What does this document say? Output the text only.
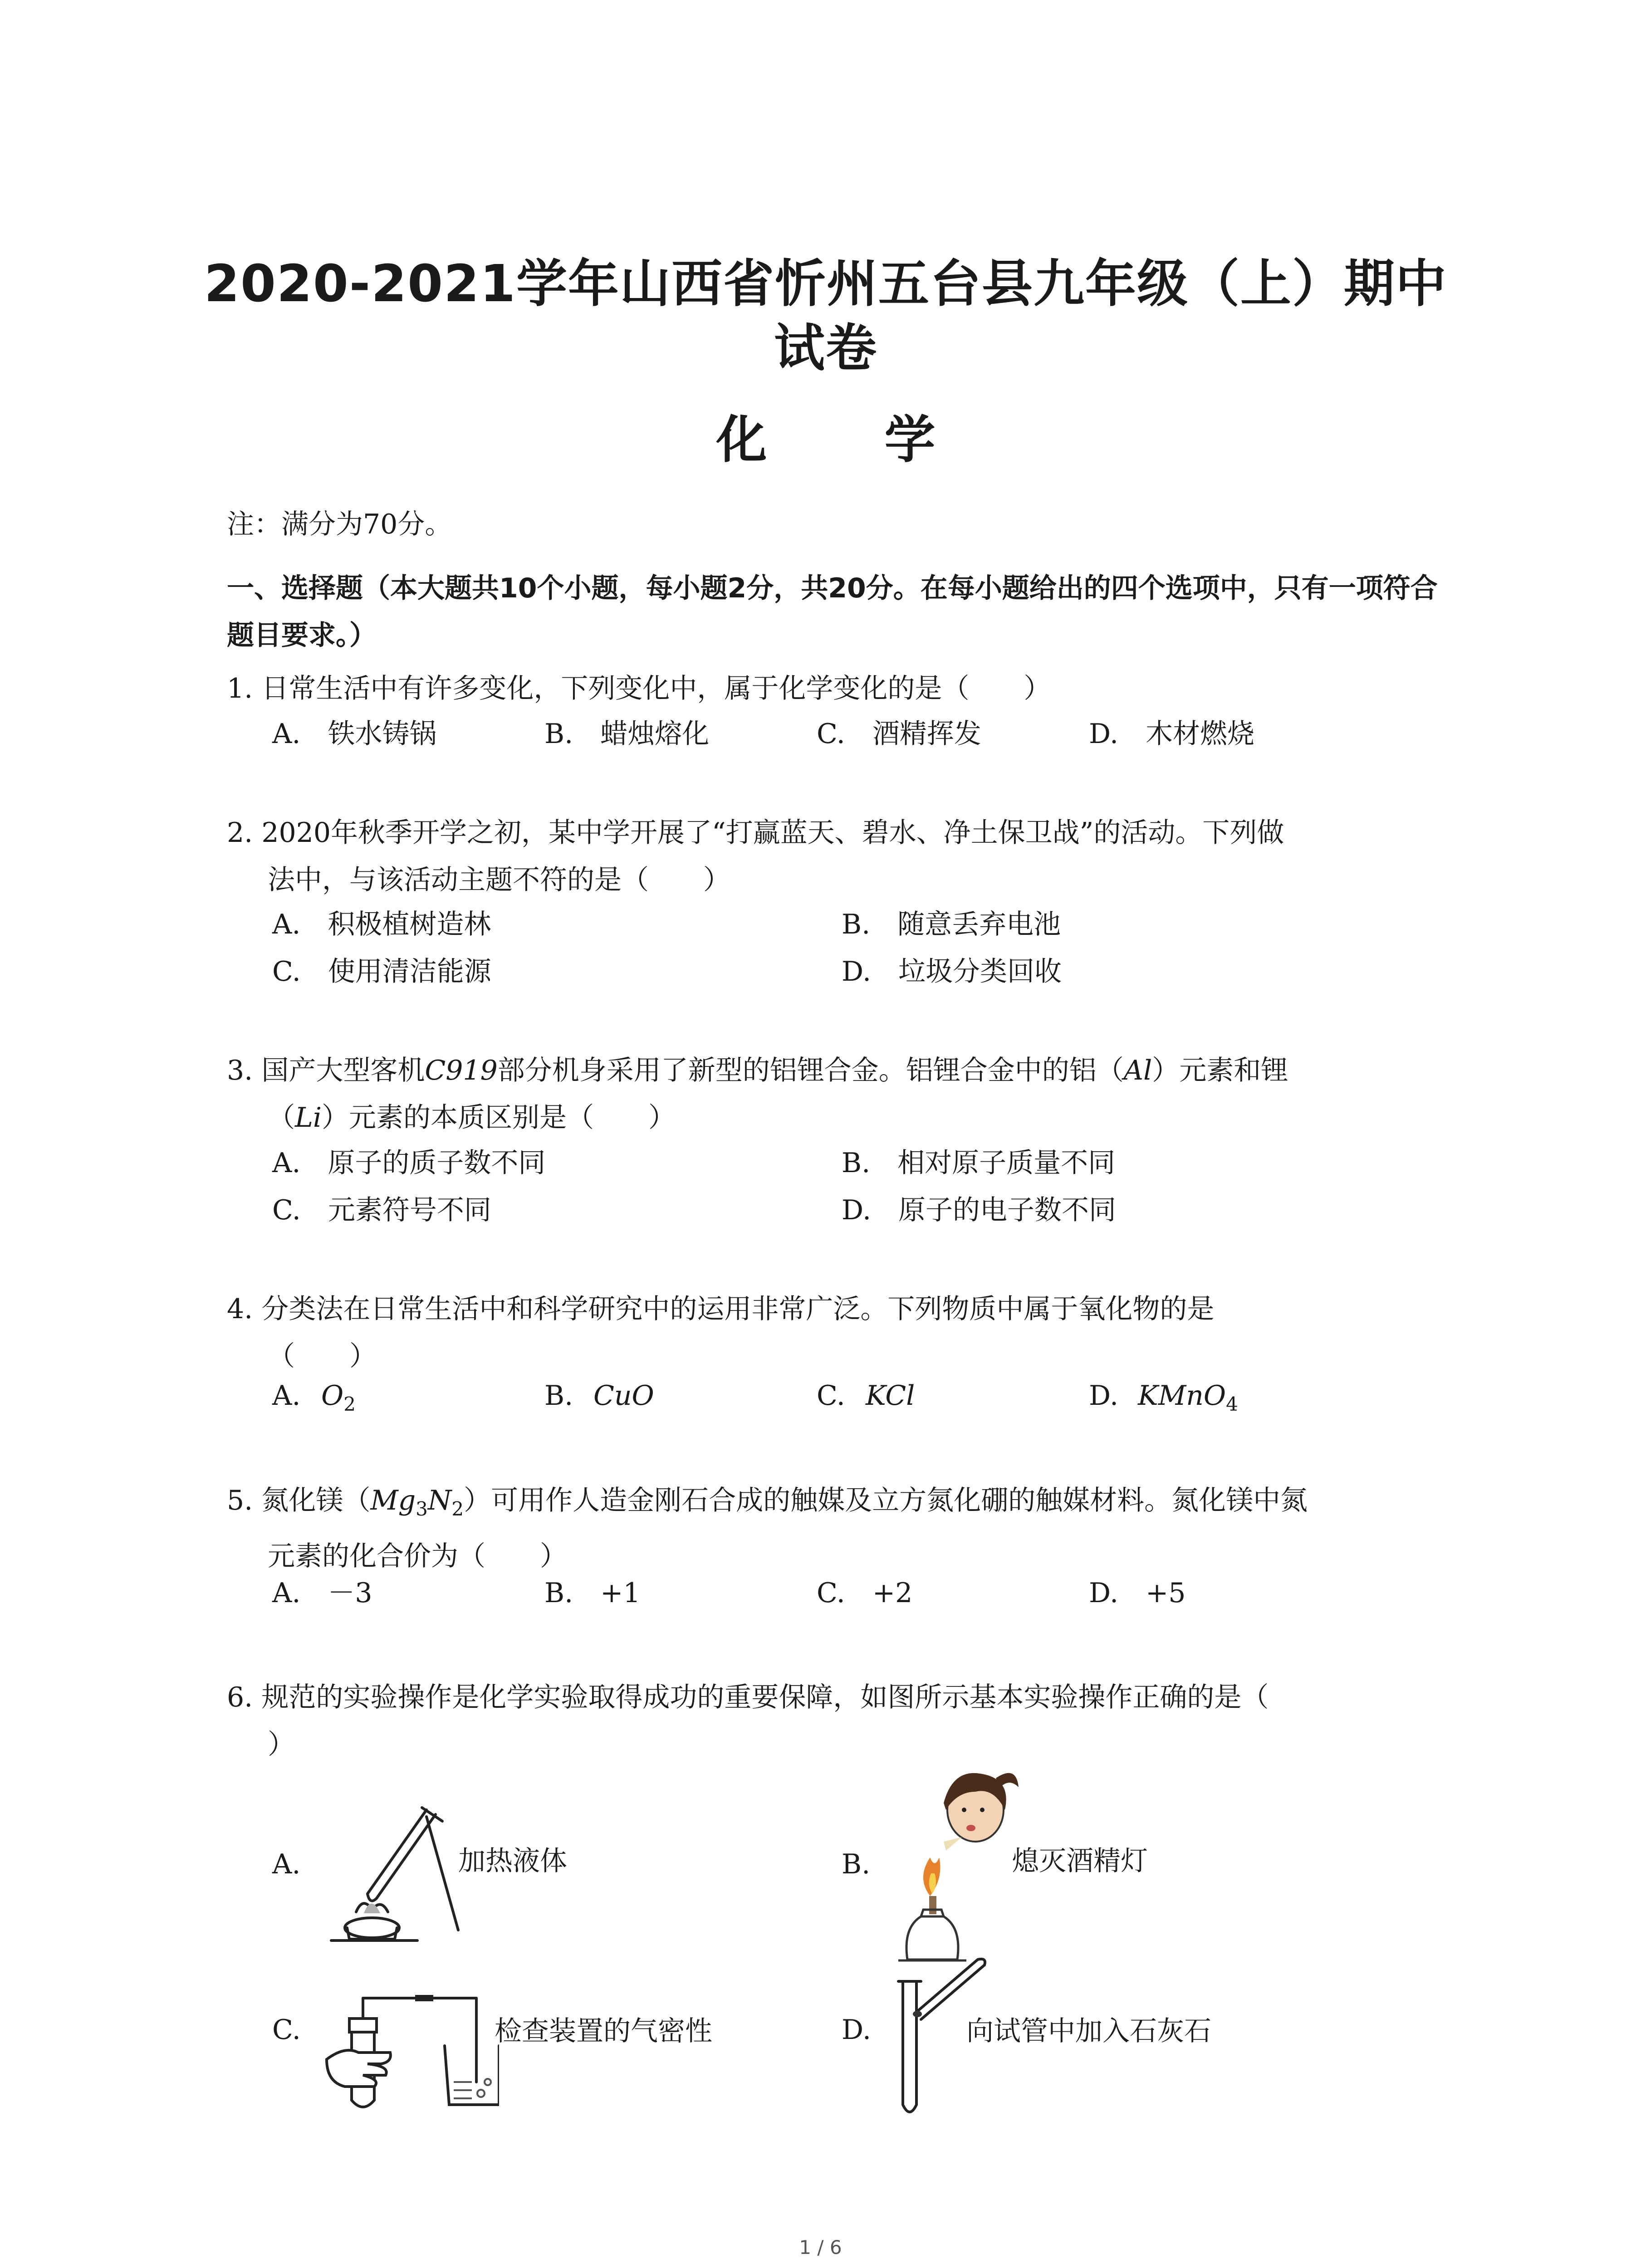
2020-2021学年山西省忻州五台县九年级（上）期中试卷
化 学
注：满分为70分。
一、选择题（本大题共10个小题，每小题2分，共20分。在每小题给出的四个选项中，只有一项符合题目要求。）
1. 日常生活中有许多变化，下列变化中，属于化学变化的是（　　）
A.　铁水铸锅	B.　蜡烛熔化	C.　酒精挥发	D.　木材燃烧
2. 2020年秋季开学之初，某中学开展了“打赢蓝天、碧水、净土保卫战”的活动。下列做
法中，与该活动主题不符的是（　　）
A.　积极植树造林	B.　随意丢弃电池
C.　使用清洁能源	D.　垃圾分类回收
3. 国产大型客机C919部分机身采用了新型的铝锂合金。铝锂合金中的铝（Al）元素和锂
（Li）元素的本质区别是（　　）
A.　原子的质子数不同	B.　相对原子质量不同
C.　元素符号不同	D.　原子的电子数不同
4. 分类法在日常生活中和科学研究中的运用非常广泛。下列物质中属于氧化物的是
（　　）
A. $O_2$	B. CuO	C. KCl	D. KMnO$_4$
5. 氮化镁$(Mg_3N_2)$可用作人造金刚石合成的触媒及立方氮化硼的触媒材料。氮化镁中氮
元素的化合价为（　　）
A.　－3	B.　+1	C.　+2	D.　+5
6. 规范的实验操作是化学实验取得成功的重要保障，如图所示基本实验操作正确的是（
）
A.	加热液体	B.	熄灭酒精灯
C.	检查装置的气密性	D.	向试管中加入石灰石
1 / 6
